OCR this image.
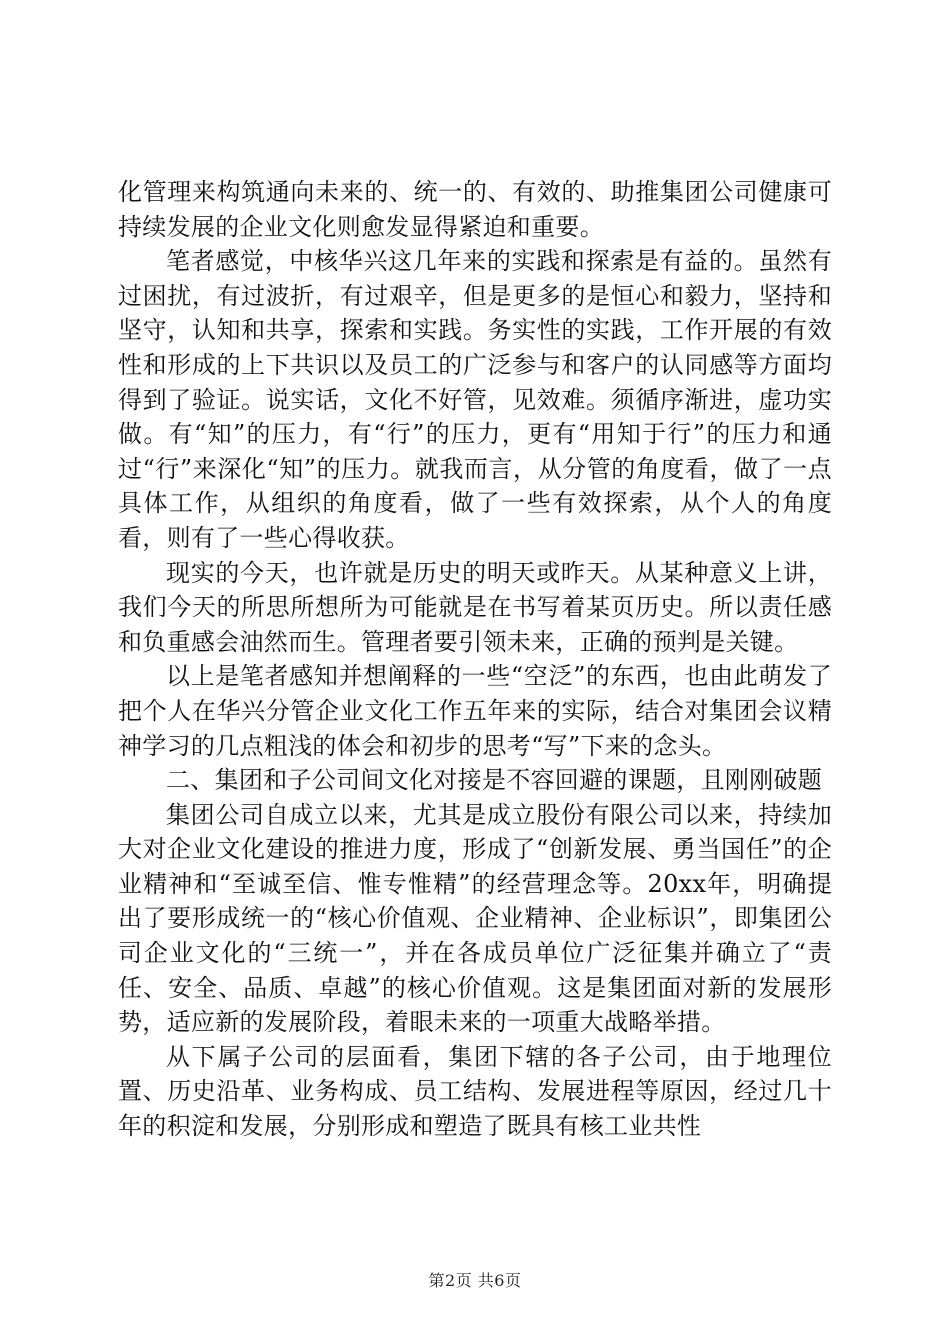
化管理来构筑通向未来的、统一的、有效的、助推集团公司健康可持续发展的企业文化则愈发显得紧迫和重要。

笔者感觉，中核华兴这几年来的实践和探索是有益的。虽然有过困扰，有过波折，有过艰辛，但是更多的是恒心和毅力，坚持和坚守，认知和共享，探索和实践。务实性的实践，工作开展的有效性和形成的上下共识以及员工的广泛参与和客户的认同感等方面均得到了验证。说实话，文化不好管，见效难。须循序渐进，虚功实做。有“知”的压力，有“行”的压力，更有“用知于行”的压力和通过“行”来深化“知”的压力。就我而言，从分管的角度看，做了一点具体工作，从组织的角度看，做了一些有效探索，从个人的角度看，则有了一些心得收获。

现实的今天，也许就是历史的明天或昨天。从某种意义上讲，我们今天的所思所想所为可能就是在书写着某页历史。所以责任感和负重感会油然而生。管理者要引领未来，正确的预判是关键。

以上是笔者感知并想阐释的一些“空泛”的东西，也由此萌发了把个人在华兴分管企业文化工作五年来的实际，结合对集团会议精神学习的几点粗浅的体会和初步的思考“写”下来的念头。

二、集团和子公司间文化对接是不容回避的课题，且刚刚破题

集团公司自成立以来，尤其是成立股份有限公司以来，持续加大对企业文化建设的推进力度，形成了“创新发展、勇当国任”的企业精神和“至诚至信、惟专惟精”的经营理念等。20xx年，明确提出了要形成统一的“核心价值观、企业精神、企业标识”，即集团公司企业文化的“三统一”，并在各成员单位广泛征集并确立了“责任、安全、品质、卓越”的核心价值观。这是集团面对新的发展形势，适应新的发展阶段，着眼未来的一项重大战略举措。

从下属子公司的层面看，集团下辖的各子公司，由于地理位置、历史沿革、业务构成、员工结构、发展进程等原因，经过几十年的积淀和发展，分别形成和塑造了既具有核工业共性

第2页 共6页
